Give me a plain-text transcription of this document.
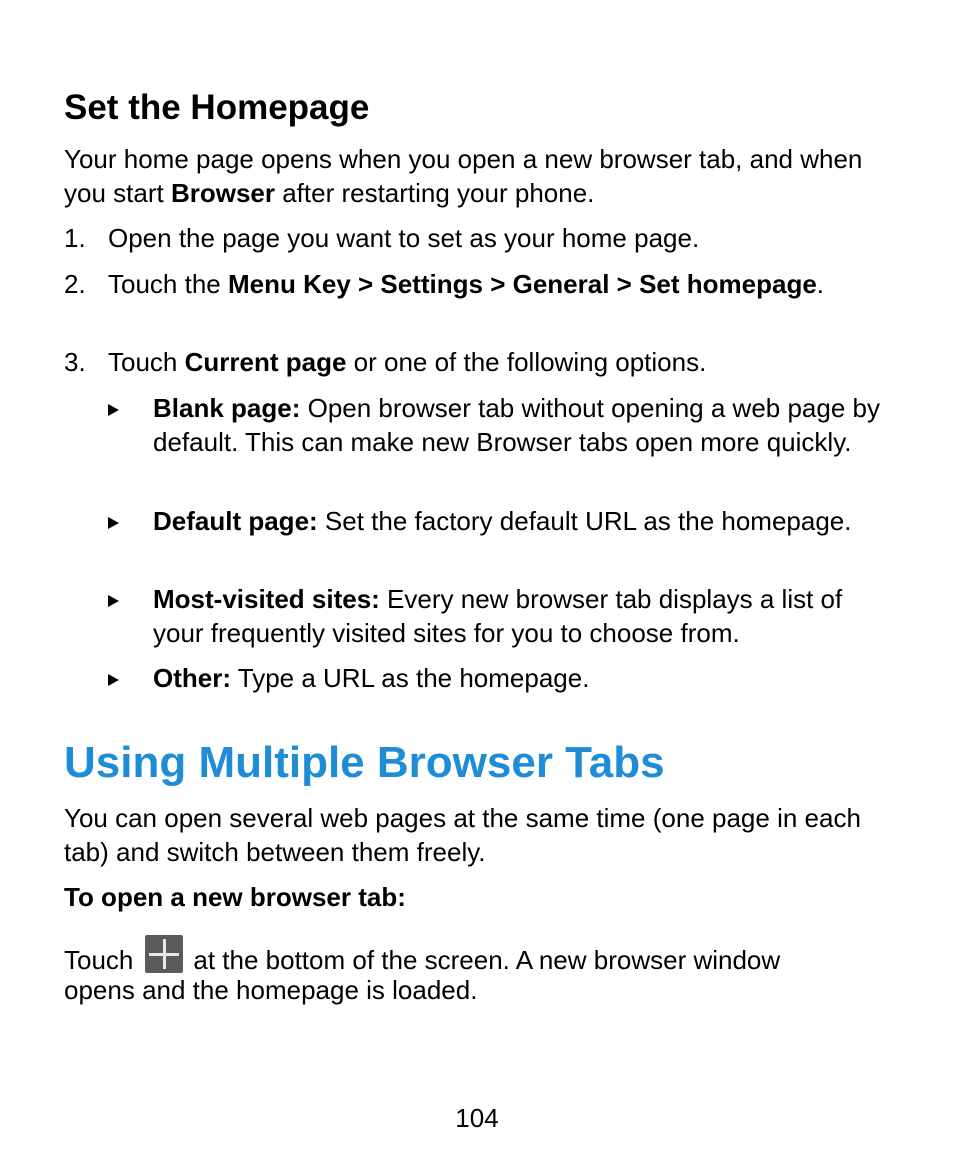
Set the Homepage

Your home page opens when you open a new browser tab, and when you start Browser after restarting your phone.

1. Open the page you want to set as your home page.
2. Touch the Menu Key > Settings > General > Set homepage.
3. Touch Current page or one of the following options.
Blank page: Open browser tab without opening a web page by default. This can make new Browser tabs open more quickly.
Default page: Set the factory default URL as the homepage.
Most-visited sites: Every new browser tab displays a list of your frequently visited sites for you to choose from.
Other: Type a URL as the homepage.
Using Multiple Browser Tabs

You can open several web pages at the same time (one page in each tab) and switch between them freely.

To open a new browser tab:

Touch at the bottom of the screen. A new browser window
opens and the homepage is loaded.
104
